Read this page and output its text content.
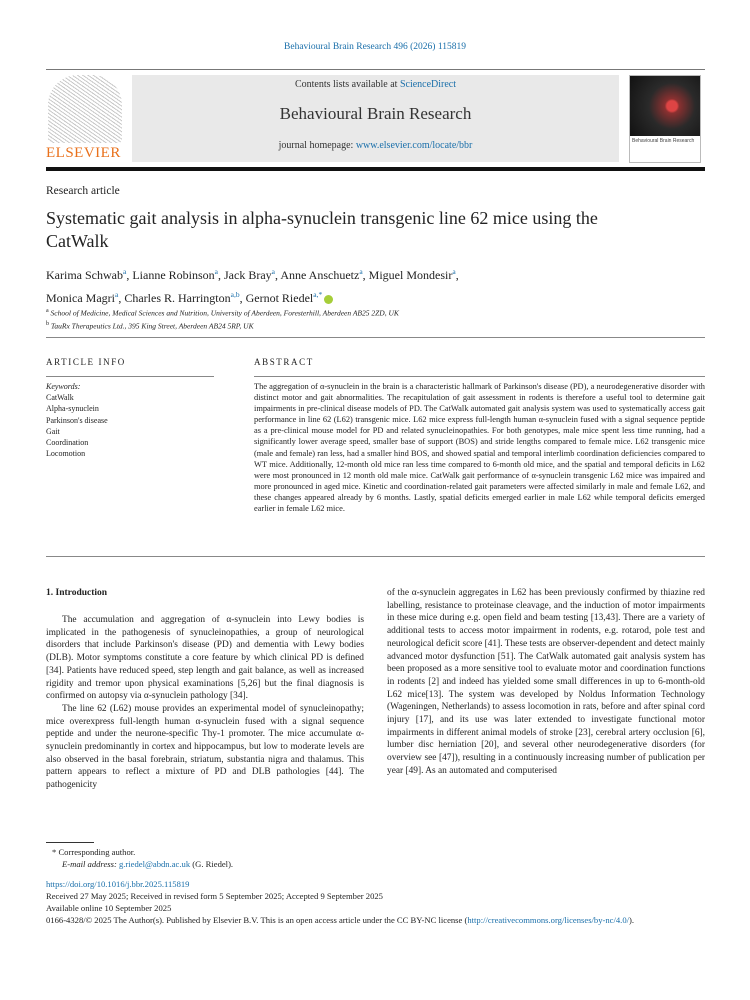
Behavioural Brain Research 496 (2026) 115819
ELSEVIER
Contents lists available at ScienceDirect
Behavioural Brain Research
journal homepage: www.elsevier.com/locate/bbr	Behavioural Brain Research
Research article
Systematic gait analysis in alpha-synuclein transgenic line 62 mice using the CatWalk
Karima Schwab$^a$, Lianne Robinson$^a$, Jack Bray$^a$, Anne Anschuetz$^a$, Miguel Mondesir$^a$,
Monica Magri$^a$, Charles R. Harrington$^{a,b}$, Gernot Riedel$^{a,*}$
$^a$ School of Medicine, Medical Sciences and Nutrition, University of Aberdeen, Foresterhill, Aberdeen AB25 2ZD, UK
$^b$ TauRx Therapeutics Ltd., 395 King Street, Aberdeen AB24 5RP, UK
ARTICLE INFO	ABSTRACT
Keywords:
CatWalk
Alpha-synuclein
Parkinson's disease
Gait
Coordination
Locomotion
The aggregation of α-synuclein in the brain is a characteristic hallmark of Parkinson's disease (PD), a neurodegenerative disorder with distinct motor and gait abnormalities. The recapitulation of gait assessment in rodents is therefore a useful tool to determine gait impairments in pre-clinical disease models of PD. The CatWalk automated gait analysis system was used to systematically access gait performance in line 62 (L62) transgenic mice. L62 mice express full-length human α-synuclein fused with a signal sequence peptide as a pre-clinical mouse model for PD and related synucleinopathies. For both genotypes, male mice spent less time running, had a significantly lower average speed, smaller base of support (BOS) and stride lengths compared to female mice. L62 transgenic mice (male and female) ran less, had a smaller hind BOS, and showed spatial and temporal interlimb coordination deficiencies compared to WT mice. Additionally, 12-month old mice ran less time compared to 6-month old mice, and the spatial and temporal deficits in L62 were most pronounced in 12 month old male mice. CatWalk gait performance of α-synuclein transgenic L62 mice was impaired and more pronounced in aged mice. Kinetic and coordination-related gait parameters were affected similarly in male and female L62, and these changes appeared already by 6 months. Lastly, spatial deficits emerged earlier in male L62 while temporal deficits emerged earlier in female L62 mice.
1. Introduction

The accumulation and aggregation of α-synuclein into Lewy bodies is implicated in the pathogenesis of synucleinopathies, a group of neurological disorders that include Parkinson's disease (PD) and dementia with Lewy bodies (DLB). Motor symptoms constitute a core feature by which clinical PD is defined [34]. Patients have reduced speed, step length and gait balance, as well as increased rigidity and tremor upon physical examinations [5,26] but the final diagnosis is confirmed on autopsy via α-synuclein pathology [34].

The line 62 (L62) mouse provides an experimental model of synucleinopathy; mice overexpress full-length human α-synuclein fused with a signal sequence peptide and under the neurone-specific Thy-1 promoter. The mice accumulate α-synuclein predominantly in cortex and hippocampus, but low to moderate levels are also observed in the basal forebrain, striatum, substantia nigra and thalamus. This pattern appears to reflect a mixture of PD and DLB pathologies [44]. The pathogenicity

of the α-synuclein aggregates in L62 has been previously confirmed by thiazine red labelling, resistance to proteinase cleavage, and the induction of motor impairments in these mice during e.g. open field and beam testing [13,43]. There are a variety of additional tests to access motor impairment in rodents, e.g. rotarod, pole test and neurological deficit score [41]. These tests are observer-dependent and detect mainly advanced motor dysfunction [51]. The CatWalk automated gait analysis system has been proposed as a more sensitive tool to evaluate motor and coordination functions in rodents [2] and indeed has yielded some small differences in up to 6-month-old L62 mice[13]. The system was developed by Noldus Information Technology (Wageningen, Netherlands) to assess locomotion in rats, before and after spinal cord injury [17], and its use was later extended to investigate functional motor impairments in different animal models of stroke [23], cerebral artery occlusion [6], lumber disc herniation [20], and several other neurodegenerative disorders (for overview see [47]), resulting in a continuously increasing number of publication per year [49]. As an automated and computerised
* Corresponding author.
E-mail address: g.riedel@abdn.ac.uk (G. Riedel).
https://doi.org/10.1016/j.bbr.2025.115819
Received 27 May 2025; Received in revised form 5 September 2025; Accepted 9 September 2025
Available online 10 September 2025
0166-4328/© 2025 The Author(s). Published by Elsevier B.V. This is an open access article under the CC BY-NC license (http://creativecommons.org/licenses/by-nc/4.0/).
